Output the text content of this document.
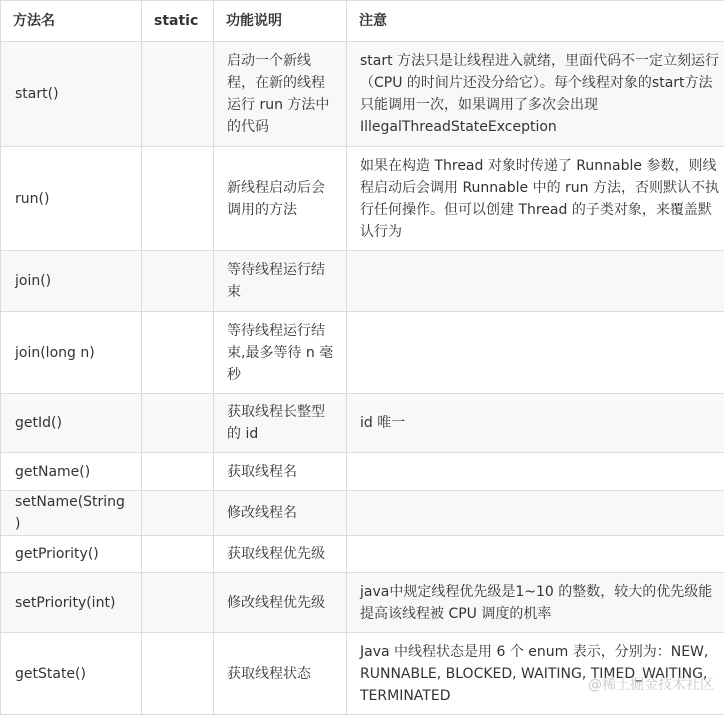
方法名	static	功能说明	注意
start()		启动一个新线程，在新的线程运行 run 方法中的代码	start 方法只是让线程进入就绪，里面代码不一定立刻运行（CPU 的时间片还没分给它）。每个线程对象的start方法只能调用一次，如果调用了多次会出现 IllegalThreadStateException
run()		新线程启动后会调用的方法	如果在构造 Thread 对象时传递了 Runnable 参数，则线程启动后会调用 Runnable 中的 run 方法，否则默认不执行任何操作。但可以创建 Thread 的子类对象，来覆盖默认行为
join()		等待线程运行结束	
join(long n)		等待线程运行结束,最多等待 n 毫秒	
getId()		获取线程长整型的 id	id 唯一
getName()		获取线程名	
setName(String)		修改线程名	
getPriority()		获取线程优先级	
setPriority(int)		修改线程优先级	java中规定线程优先级是1~10 的整数，较大的优先级能提高该线程被 CPU 调度的机率
getState()		获取线程状态	Java 中线程状态是用 6 个 enum 表示，分别为：NEW, RUNNABLE, BLOCKED, WAITING, TIMED_WAITING, TERMINATED
@稀土掘金技术社区
